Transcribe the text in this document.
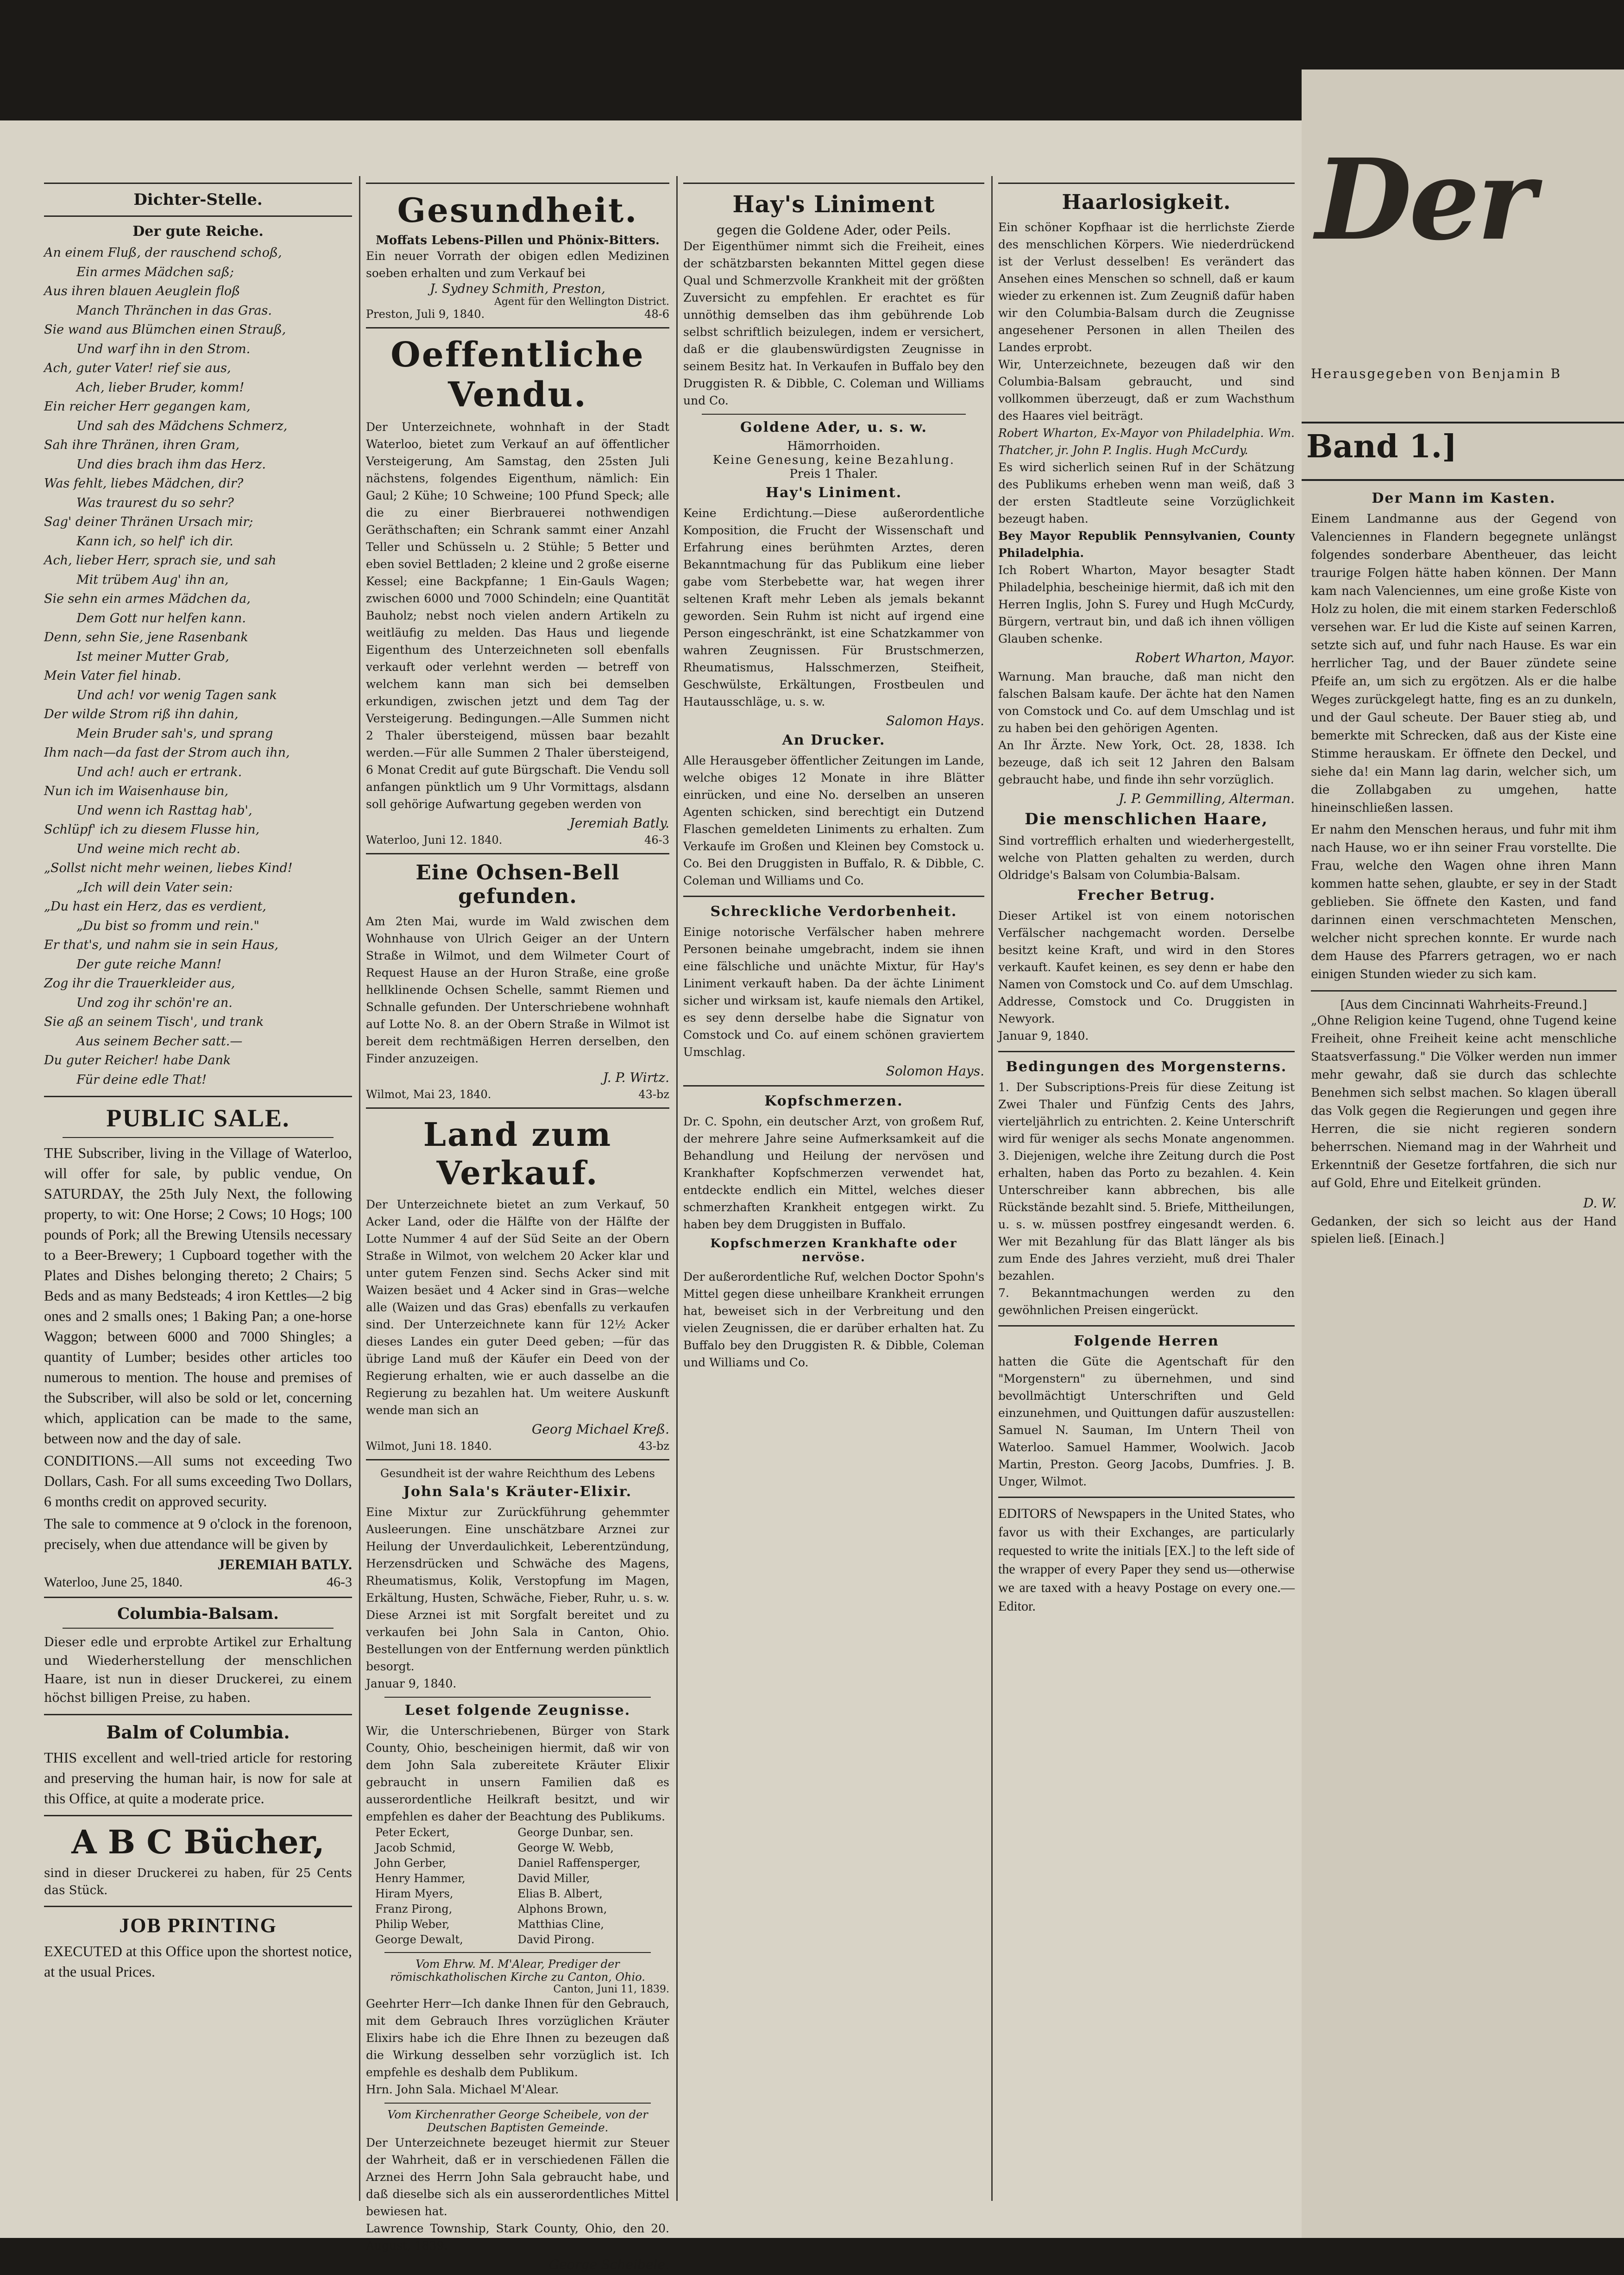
Dichter-Stelle.
Der gute Reiche.

An einem Fluß, der rauschend schoß,

Ein armes Mädchen saß;

Aus ihren blauen Aeuglein floß

Manch Thränchen in das Gras.

Sie wand aus Blümchen einen Strauß,

Und warf ihn in den Strom.

Ach, guter Vater! rief sie aus,

Ach, lieber Bruder, komm!

Ein reicher Herr gegangen kam,

Und sah des Mädchens Schmerz,

Sah ihre Thränen, ihren Gram,

Und dies brach ihm das Herz.

Was fehlt, liebes Mädchen, dir?

Was traurest du so sehr?

Sag' deiner Thränen Ursach mir;

Kann ich, so helf' ich dir.

Ach, lieber Herr, sprach sie, und sah

Mit trübem Aug' ihn an,

Sie sehn ein armes Mädchen da,

Dem Gott nur helfen kann.

Denn, sehn Sie, jene Rasenbank

Ist meiner Mutter Grab,

Mein Vater fiel hinab.

Und ach! vor wenig Tagen sank

Der wilde Strom riß ihn dahin,

Mein Bruder sah's, und sprang

Ihm nach—da fast der Strom auch ihn,

Und ach! auch er ertrank.

Nun ich im Waisenhause bin,

Und wenn ich Rasttag hab',

Schlüpf' ich zu diesem Flusse hin,

Und weine mich recht ab.

„Sollst nicht mehr weinen, liebes Kind!

„Ich will dein Vater sein:

„Du hast ein Herz, das es verdient,

„Du bist so fromm und rein."

Er that's, und nahm sie in sein Haus,

Der gute reiche Mann!

Zog ihr die Trauerkleider aus,

Und zog ihr schön're an.

Sie aß an seinem Tisch', und trank

Aus seinem Becher satt.—

Du guter Reicher! habe Dank

Für deine edle That!

PUBLIC SALE.
THE Subscriber, living in the Village of Waterloo, will offer for sale, by public vendue, On SATURDAY, the 25th July Next, the following property, to wit: One Horse; 2 Cows; 10 Hogs; 100 pounds of Pork; all the Brewing Utensils necessary to a Beer-Brewery; 1 Cupboard together with the Plates and Dishes belonging thereto; 2 Chairs; 5 Beds and as many Bedsteads; 4 iron Kettles—2 big ones and 2 smalls ones; 1 Baking Pan; a one-horse Waggon; between 6000 and 7000 Shingles; a quantity of Lumber; besides other articles too numerous to mention. The house and premises of the Subscriber, will also be sold or let, concerning which, application can be made to the same, between now and the day of sale.
CONDITIONS.—All sums not exceeding Two Dollars, Cash. For all sums exceeding Two Dollars, 6 months credit on approved security.
The sale to commence at 9 o'clock in the forenoon, precisely, when due attendance will be given by
JEREMIAH BATLY.
Waterloo, June 25, 1840.	46-3
Columbia-Balsam.
Dieser edle und erprobte Artikel zur Erhaltung und Wiederherstellung der menschlichen Haare, ist nun in dieser Druckerei, zu einem höchst billigen Preise, zu haben.
Balm of Columbia.
THIS excellent and well-tried article for restoring and preserving the human hair, is now for sale at this Office, at quite a moderate price.
A B C Bücher,
sind in dieser Druckerei zu haben, für 25 Cents das Stück.
JOB PRINTING
EXECUTED at this Office upon the shortest notice, at the usual Prices.
Gesundheit.
Moffats Lebens-Pillen und Phönix-Bitters.
Ein neuer Vorrath der obigen edlen Medizinen soeben erhalten und zum Verkauf bei
J. Sydney Schmith, Preston,
Agent für den Wellington District.
Preston, Juli 9, 1840.	48-6
Oeffentliche Vendu.
Der Unterzeichnete, wohnhaft in der Stadt Waterloo, bietet zum Verkauf an auf öffentlicher Versteigerung, Am Samstag, den 25sten Juli nächstens, folgendes Eigenthum, nämlich: Ein Gaul; 2 Kühe; 10 Schweine; 100 Pfund Speck; alle die zu einer Bierbrauerei nothwendigen Geräthschaften; ein Schrank sammt einer Anzahl Teller und Schüsseln u. 2 Stühle; 5 Better und eben soviel Bettladen; 2 kleine und 2 große eiserne Kessel; eine Backpfanne; 1 Ein-Gauls Wagen; zwischen 6000 und 7000 Schindeln; eine Quantität Bauholz; nebst noch vielen andern Artikeln zu weitläufig zu melden. Das Haus und liegende Eigenthum des Unterzeichneten soll ebenfalls verkauft oder verlehnt werden — betreff von welchem kann man sich bei demselben erkundigen, zwischen jetzt und dem Tag der Versteigerung. Bedingungen.—Alle Summen nicht 2 Thaler übersteigend, müssen baar bezahlt werden.—Für alle Summen 2 Thaler übersteigend, 6 Monat Credit auf gute Bürgschaft. Die Vendu soll anfangen pünktlich um 9 Uhr Vormittags, alsdann soll gehörige Aufwartung gegeben werden von
Jeremiah Batly.
Waterloo, Juni 12. 1840.	46-3
Eine Ochsen-Bell gefunden.
Am 2ten Mai, wurde im Wald zwischen dem Wohnhause von Ulrich Geiger an der Untern Straße in Wilmot, und dem Wilmeter Court of Request Hause an der Huron Straße, eine große hellklinende Ochsen Schelle, sammt Riemen und Schnalle gefunden. Der Unterschriebene wohnhaft auf Lotte No. 8. an der Obern Straße in Wilmot ist bereit dem rechtmäßigen Herren derselben, den Finder anzuzeigen.
J. P. Wirtz.
Wilmot, Mai 23, 1840.	43-bz
Land zum Verkauf.
Der Unterzeichnete bietet an zum Verkauf, 50 Acker Land, oder die Hälfte von der Hälfte der Lotte Nummer 4 auf der Süd Seite an der Obern Straße in Wilmot, von welchem 20 Acker klar und unter gutem Fenzen sind. Sechs Acker sind mit Waizen besäet und 4 Acker sind in Gras—welche alle (Waizen und das Gras) ebenfalls zu verkaufen sind. Der Unterzeichnete kann für 12½ Acker dieses Landes ein guter Deed geben; —für das übrige Land muß der Käufer ein Deed von der Regierung erhalten, wie er auch dasselbe an die Regierung zu bezahlen hat. Um weitere Auskunft wende man sich an
Georg Michael Kreß.
Wilmot, Juni 18. 1840.	43-bz
Gesundheit ist der wahre Reichthum des Lebens
John Sala's Kräuter-Elixir.
Eine Mixtur zur Zurückführung gehemmter Ausleerungen. Eine unschätzbare Arznei zur Heilung der Unverdaulichkeit, Leberentzündung, Herzensdrücken und Schwäche des Magens, Rheumatismus, Kolik, Verstopfung im Magen, Erkältung, Husten, Schwäche, Fieber, Ruhr, u. s. w. Diese Arznei ist mit Sorgfalt bereitet und zu verkaufen bei John Sala in Canton, Ohio. Bestellungen von der Entfernung werden pünktlich besorgt.
Januar 9, 1840.
Leset folgende Zeugnisse.
Wir, die Unterschriebenen, Bürger von Stark County, Ohio, bescheinigen hiermit, daß wir von dem John Sala zubereitete Kräuter Elixir gebraucht in unsern Familien daß es ausserordentliche Heilkraft besitzt, und wir empfehlen es daher der Beachtung des Publikums.
Peter Eckert,	George Dunbar, sen.
Jacob Schmid,	George W. Webb,
John Gerber,	Daniel Raffensperger,
Henry Hammer,	David Miller,
Hiram Myers,	Elias B. Albert,
Franz Pirong,	Alphons Brown,
Philip Weber,	Matthias Cline,
George Dewalt,	David Pirong.
Vom Ehrw. M. M'Alear, Prediger der römischkatholischen Kirche zu Canton, Ohio.
Canton, Juni 11, 1839.
Geehrter Herr—Ich danke Ihnen für den Gebrauch, mit dem Gebrauch Ihres vorzüglichen Kräuter Elixirs habe ich die Ehre Ihnen zu bezeugen daß die Wirkung desselben sehr vorzüglich ist. Ich empfehle es deshalb dem Publikum.
Hrn. John Sala. Michael M'Alear.
Vom Kirchenrather George Scheibele, von der Deutschen Baptisten Gemeinde.
Der Unterzeichnete bezeuget hiermit zur Steuer der Wahrheit, daß er in verschiedenen Fällen die Arznei des Herrn John Sala gebraucht habe, und daß dieselbe sich als ein ausserordentliches Mittel bewiesen hat.
Lawrence Township, Stark County, Ohio, den 20. August, 1839.
George Scheibele.
Hay's Liniment
gegen die Goldene Ader, oder Peils.
Der Eigenthümer nimmt sich die Freiheit, eines der schätzbarsten bekannten Mittel gegen diese Qual und Schmerzvolle Krankheit mit der größten Zuversicht zu empfehlen. Er erachtet es für unnöthig demselben das ihm gebührende Lob selbst schriftlich beizulegen, indem er versichert, daß er die glaubenswürdigsten Zeugnisse in seinem Besitz hat. In Verkaufen in Buffalo bey den Druggisten R. & Dibble, C. Coleman und Williams und Co.
Goldene Ader, u. s. w.
Hämorrhoiden.
Keine Genesung, keine Bezahlung.
Preis 1 Thaler.
Hay's Liniment.
Keine Erdichtung.—Diese außerordentliche Komposition, die Frucht der Wissenschaft und Erfahrung eines berühmten Arztes, deren Bekanntmachung für das Publikum eine lieber gabe vom Sterbebette war, hat wegen ihrer seltenen Kraft mehr Leben als jemals bekannt geworden. Sein Ruhm ist nicht auf irgend eine Person eingeschränkt, ist eine Schatzkammer von wahren Zeugnissen. Für Brustschmerzen, Rheumatismus, Halsschmerzen, Steifheit, Geschwülste, Erkältungen, Frostbeulen und Hautausschläge, u. s. w.
Salomon Hays.
An Drucker.
Alle Herausgeber öffentlicher Zeitungen im Lande, welche obiges 12 Monate in ihre Blätter einrücken, und eine No. derselben an unseren Agenten schicken, sind berechtigt ein Dutzend Flaschen gemeldeten Liniments zu erhalten. Zum Verkaufe im Großen und Kleinen bey Comstock u. Co. Bei den Druggisten in Buffalo, R. & Dibble, C. Coleman und Williams und Co.
Schreckliche Verdorbenheit.
Einige notorische Verfälscher haben mehrere Personen beinahe umgebracht, indem sie ihnen eine fälschliche und unächte Mixtur, für Hay's Liniment verkauft haben. Da der ächte Liniment sicher und wirksam ist, kaufe niemals den Artikel, es sey denn derselbe habe die Signatur von Comstock und Co. auf einem schönen graviertem Umschlag.
Solomon Hays.
Kopfschmerzen.
Dr. C. Spohn, ein deutscher Arzt, von großem Ruf, der mehrere Jahre seine Aufmerksamkeit auf die Behandlung und Heilung der nervösen und Krankhafter Kopfschmerzen verwendet hat, entdeckte endlich ein Mittel, welches dieser schmerzhaften Krankheit entgegen wirkt. Zu haben bey dem Druggisten in Buffalo.
Kopfschmerzen Krankhafte oder nervöse.
Der außerordentliche Ruf, welchen Doctor Spohn's Mittel gegen diese unheilbare Krankheit errungen hat, beweiset sich in der Verbreitung und den vielen Zeugnissen, die er darüber erhalten hat. Zu Buffalo bey den Druggisten R. & Dibble, Coleman und Williams und Co.
Haarlosigkeit.
Ein schöner Kopfhaar ist die herrlichste Zierde des menschlichen Körpers. Wie niederdrückend ist der Verlust desselben! Es verändert das Ansehen eines Menschen so schnell, daß er kaum wieder zu erkennen ist. Zum Zeugniß dafür haben wir den Columbia-Balsam durch die Zeugnisse angesehener Personen in allen Theilen des Landes erprobt.
Wir, Unterzeichnete, bezeugen daß wir den Columbia-Balsam gebraucht, und sind vollkommen überzeugt, daß er zum Wachsthum des Haares viel beiträgt.
Robert Wharton, Ex-Mayor von Philadelphia. Wm. Thatcher, jr. John P. Inglis. Hugh McCurdy.
Es wird sicherlich seinen Ruf in der Schätzung des Publikums erheben wenn man weiß, daß 3 der ersten Stadtleute seine Vorzüglichkeit bezeugt haben.
Bey Mayor Republik Pennsylvanien, County Philadelphia.
Ich Robert Wharton, Mayor besagter Stadt Philadelphia, bescheinige hiermit, daß ich mit den Herren Inglis, John S. Furey und Hugh McCurdy, Bürgern, vertraut bin, und daß ich ihnen völligen Glauben schenke.
Robert Wharton, Mayor.
Warnung. Man brauche, daß man nicht den falschen Balsam kaufe. Der ächte hat den Namen von Comstock und Co. auf dem Umschlag und ist zu haben bei den gehörigen Agenten.
An Ihr Ärzte. New York, Oct. 28, 1838. Ich bezeuge, daß ich seit 12 Jahren den Balsam gebraucht habe, und finde ihn sehr vorzüglich.
J. P. Gemmilling, Alterman.
Die menschlichen Haare,
Sind vortrefflich erhalten und wiederhergestellt, welche von Platten gehalten zu werden, durch Oldridge's Balsam von Columbia-Balsam.
Frecher Betrug.
Dieser Artikel ist von einem notorischen Verfälscher nachgemacht worden. Derselbe besitzt keine Kraft, und wird in den Stores verkauft. Kaufet keinen, es sey denn er habe den Namen von Comstock und Co. auf dem Umschlag.
Addresse, Comstock und Co. Druggisten in Newyork.
Januar 9, 1840.
Bedingungen des Morgensterns.
1. Der Subscriptions-Preis für diese Zeitung ist Zwei Thaler und Fünfzig Cents des Jahrs, vierteljährlich zu entrichten. 2. Keine Unterschrift wird für weniger als sechs Monate angenommen. 3. Diejenigen, welche ihre Zeitung durch die Post erhalten, haben das Porto zu bezahlen. 4. Kein Unterschreiber kann abbrechen, bis alle Rückstände bezahlt sind. 5. Briefe, Mittheilungen, u. s. w. müssen postfrey eingesandt werden. 6. Wer mit Bezahlung für das Blatt länger als bis zum Ende des Jahres verzieht, muß drei Thaler bezahlen.
7. Bekanntmachungen werden zu den gewöhnlichen Preisen eingerückt.
Folgende Herren
hatten die Güte die Agentschaft für den "Morgenstern" zu übernehmen, und sind bevollmächtigt Unterschriften und Geld einzunehmen, und Quittungen dafür auszustellen: Samuel N. Sauman, Im Untern Theil von Waterloo. Samuel Hammer, Woolwich. Jacob Martin, Preston. Georg Jacobs, Dumfries. J. B. Unger, Wilmot.
EDITORS of Newspapers in the United States, who favor us with their Exchanges, are particularly requested to write the initials [EX.] to the left side of the wrapper of every Paper they send us—otherwise we are taxed with a heavy Postage on every one.—Editor.
Der
Herausgegeben von Benjamin B
Band 1.]
Der Mann im Kasten.
Einem Landmanne aus der Gegend von Valenciennes in Flandern begegnete unlängst folgendes sonderbare Abentheuer, das leicht traurige Folgen hätte haben können. Der Mann kam nach Valenciennes, um eine große Kiste von Holz zu holen, die mit einem starken Federschloß versehen war. Er lud die Kiste auf seinen Karren, setzte sich auf, und fuhr nach Hause. Es war ein herrlicher Tag, und der Bauer zündete seine Pfeife an, um sich zu ergötzen. Als er die halbe Weges zurückgelegt hatte, fing es an zu dunkeln, und der Gaul scheute. Der Bauer stieg ab, und bemerkte mit Schrecken, daß aus der Kiste eine Stimme herauskam. Er öffnete den Deckel, und siehe da! ein Mann lag darin, welcher sich, um die Zollabgaben zu umgehen, hatte hineinschließen lassen.
Er nahm den Menschen heraus, und fuhr mit ihm nach Hause, wo er ihn seiner Frau vorstellte. Die Frau, welche den Wagen ohne ihren Mann kommen hatte sehen, glaubte, er sey in der Stadt geblieben. Sie öffnete den Kasten, und fand darinnen einen verschmachteten Menschen, welcher nicht sprechen konnte. Er wurde nach dem Hause des Pfarrers getragen, wo er nach einigen Stunden wieder zu sich kam.
[Aus dem Cincinnati Wahrheits-Freund.]
„Ohne Religion keine Tugend, ohne Tugend keine Freiheit, ohne Freiheit keine acht menschliche Staatsverfassung." Die Völker werden nun immer mehr gewahr, daß sie durch das schlechte Benehmen sich selbst machen. So klagen überall das Volk gegen die Regierungen und gegen ihre Herren, die sie nicht regieren sondern beherrschen. Niemand mag in der Wahrheit und Erkenntniß der Gesetze fortfahren, die sich nur auf Gold, Ehre und Eitelkeit gründen.
D. W.
Gedanken, der sich so leicht aus der Hand spielen ließ. [Einach.]
